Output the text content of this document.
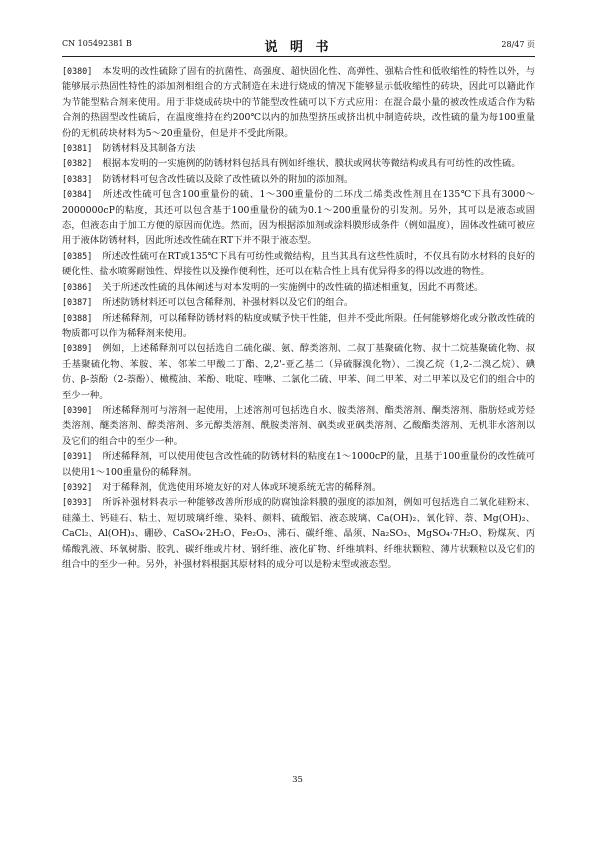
CN 105492381 B	说 明 书	28/47 页

[0380] 本发明的改性硫除了固有的抗菌性、高强度、超快固化性、高弹性、强粘合性和低收缩性的特性以外，与能够展示热固性特性的添加剂相组合的方式制造在未进行烧成的情况下能够显示低收缩性的砖块，因此可以籍此作为节能型粘合剂来使用。用于非烧成砖块中的节能型改性硫可以下方式应用：在混合最小量的被改性成适合作为粘合剂的热固型改性硫后，在温度维持在约200℃以内的加热型挤压或挤出机中制造砖块，改性硫的量为每100重量份的无机砖块材料为5～20重量份，但是并不受此所限。

[0381] 防锈材料及其制备方法

[0382] 根据本发明的一实施例的防锈材料包括具有例如纤维状、膜状或网状等微结构或具有可纺性的改性硫。

[0383] 防锈材料可包含改性硫以及除了改性硫以外的附加的添加剂。

[0384] 所述改性硫可包含100重量份的硫、1～300重量份的二环戊二烯类改性剂且在135℃下具有3000～2000000cP的粘度，其还可以包含基于100重量份的硫为0.1～200重量份的引发剂。另外，其可以是液态或固态，但液态由于加工方便的原因而优选。然而，因为根据添加剂或涂料膜形成条件（例如温度），固体改性硫可被应用于液体防锈材料，因此所述改性硫在RT下并不限于液态型。

[0385] 所述改性硫可在RT或135℃下具有可纺性或微结构，且当其具有这些性质时，不仅具有防水材料的良好的硬化性、盐水喷雾耐蚀性、焊接性以及操作便利性，还可以在粘合性上具有优异得多的得以改进的物性。

[0386] 关于所述改性硫的具体阐述与对本发明的一实施例中的改性硫的描述相重复，因此不再赘述。

[0387] 所述防锈材料还可以包含稀释剂、补强材料以及它们的组合。

[0388] 所述稀释剂，可以稀释防锈材料的粘度或赋予快干性能，但并不受此所限。任何能够熔化或分散改性硫的物质都可以作为稀释剂来使用。

[0389] 例如，上述稀释剂可以包括选自二硫化碳、氨、醇类溶剂、二叔丁基聚硫化物、叔十二烷基聚硫化物、叔壬基聚硫化物、苯胺、苯、邻苯二甲酸二丁酯、2,2'-亚乙基二（异硫脲溴化物）、二溴乙烷（1,2-二溴乙烷）、碘仿、β-萘酚（2-萘酚）、橄榄油、苯酚、吡啶、喹啉、二氯化二硫、甲苯、间二甲苯、对二甲苯以及它们的组合中的至少一种。

[0390] 所述稀释剂可与溶剂一起使用，上述溶剂可包括选自水、胺类溶剂、酯类溶剂、酮类溶剂、脂肪烃或芳烃类溶剂、醚类溶剂、醇类溶剂、多元醇类溶剂、酰胺类溶剂、砜类或亚砜类溶剂、乙酸酯类溶剂、无机非水溶剂以及它们的组合中的至少一种。

[0391] 所述稀释剂，可以使用使包含改性硫的防锈材料的粘度在1～1000cP的量，且基于100重量份的改性硫可以使用1～100重量份的稀释剂。

[0392] 对于稀释剂，优选使用环境友好的对人体或环境系统无害的稀释剂。

[0393] 所诉补强材料表示一种能够改善所形成的防腐蚀涂料膜的强度的添加剂，例如可包括选自二氧化硅粉末、硅藻土、钙硅石、粘土、短切玻璃纤维、染料、颜料、硫酸铝、液态玻璃、Ca(OH)₂、氧化锌、萘、Mg(OH)₂、CaCl₂、Al(OH)₃、硼砂、CaSO₄·2H₂O、Fe₂O₃、沸石、碳纤维、晶须、Na₂SO₃、MgSO₄·7H₂O、粉煤灰、丙烯酸乳液、环氧树脂、胶乳、碳纤维或片材、钢纤维、液化矿物、纤维填料、纤维状颗粒、薄片状颗粒以及它们的组合中的至少一种。另外，补强材料根据其原材料的成分可以是粉末型或液态型。

35
